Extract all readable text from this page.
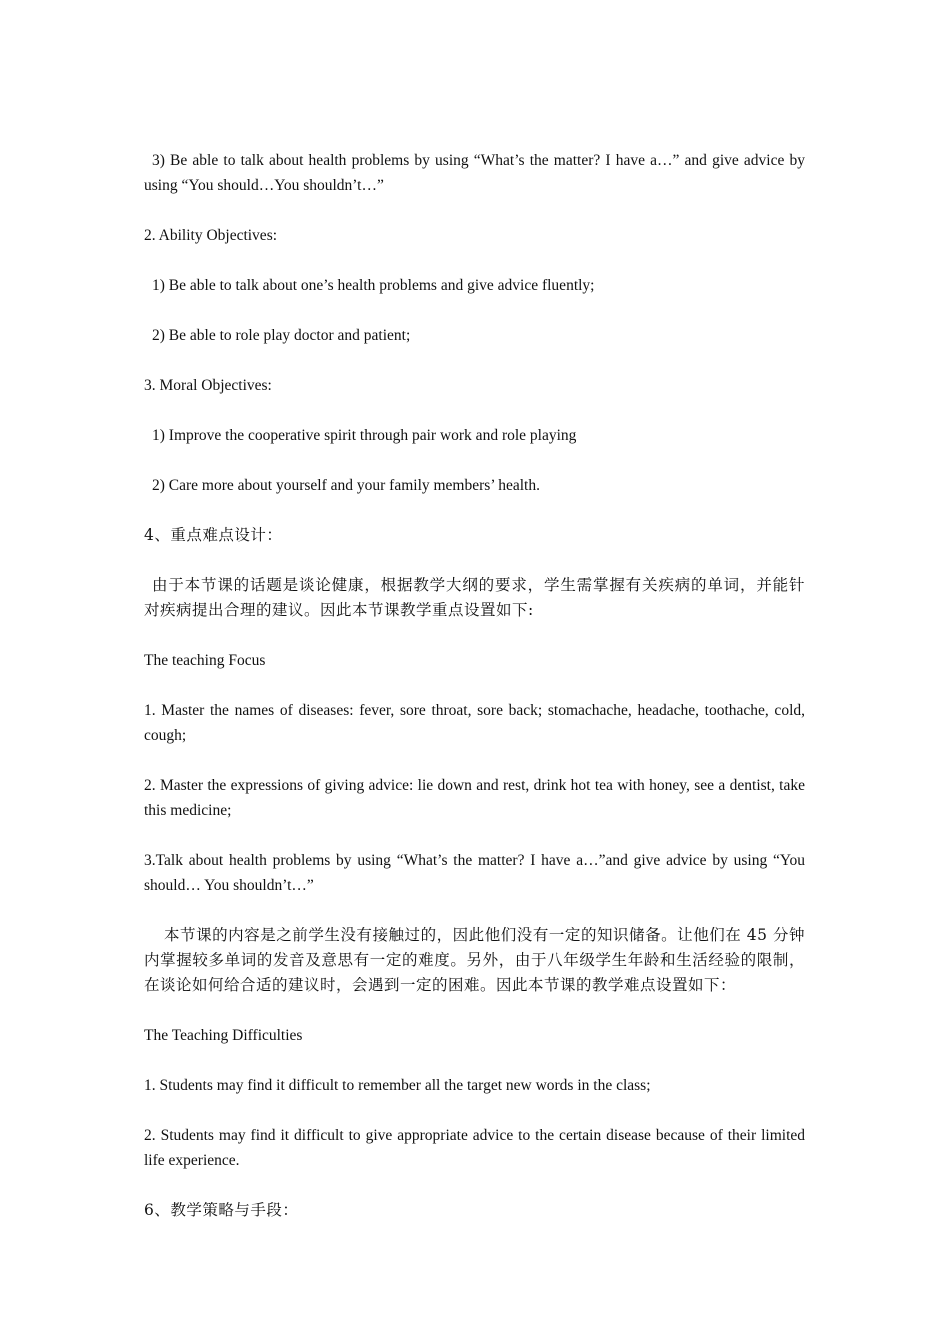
3) Be able to talk about health problems by using “What’s the matter? I have a…” and give advice by using “You should…You shouldn’t…”

2. Ability Objectives:

1) Be able to talk about one’s health problems and give advice fluently;

2) Be able to role play doctor and patient;

3. Moral Objectives:

1) Improve the cooperative spirit through pair work and role playing

2) Care more about yourself and your family members’ health.

4、重点难点设计：

由于本节课的话题是谈论健康，根据教学大纲的要求，学生需掌握有关疾病的单词，并能针对疾病提出合理的建议。因此本节课教学重点设置如下:

The teaching Focus

1. Master the names of diseases: fever, sore throat, sore back; stomachache, headache, toothache, cold, cough;

2. Master the expressions of giving advice: lie down and rest, drink hot tea with honey, see a dentist, take this medicine;

3.Talk about health problems by using “What’s the matter? I have a…”and give advice by using “You should… You shouldn’t…”

本节课的内容是之前学生没有接触过的，因此他们没有一定的知识储备。让他们在 45 分钟内掌握较多单词的发音及意思有一定的难度。另外，由于八年级学生年龄和生活经验的限制，在谈论如何给合适的建议时，会遇到一定的困难。因此本节课的教学难点设置如下：

The Teaching Difficulties

1. Students may find it difficult to remember all the target new words in the class;

2. Students may find it difficult to give appropriate advice to the certain disease because of their limited life experience.

6、教学策略与手段：
